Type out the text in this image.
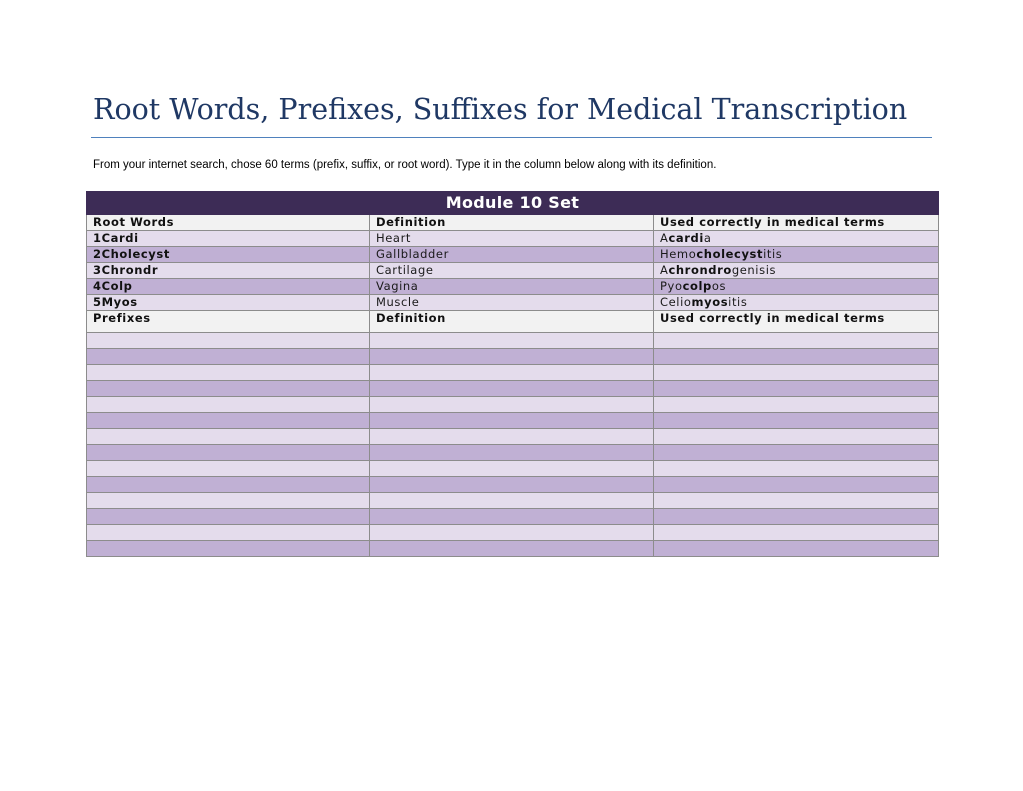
Root Words, Prefixes, Suffixes for Medical Transcription
From your internet search, chose 60 terms (prefix, suffix, or root word). Type it in the column below along with its definition.
Module 10 Set		
Root Words	Definition	Used correctly in medical terms
1Cardi	Heart	Acardia
2Cholecyst	Gallbladder	Hemocholecystitis
3Chrondr	Cartilage	Achrondrogenisis
4Colp	Vagina	Pyocolpos
5Myos	Muscle	Celiomyositis
Prefixes	Definition	Used correctly in medical terms
